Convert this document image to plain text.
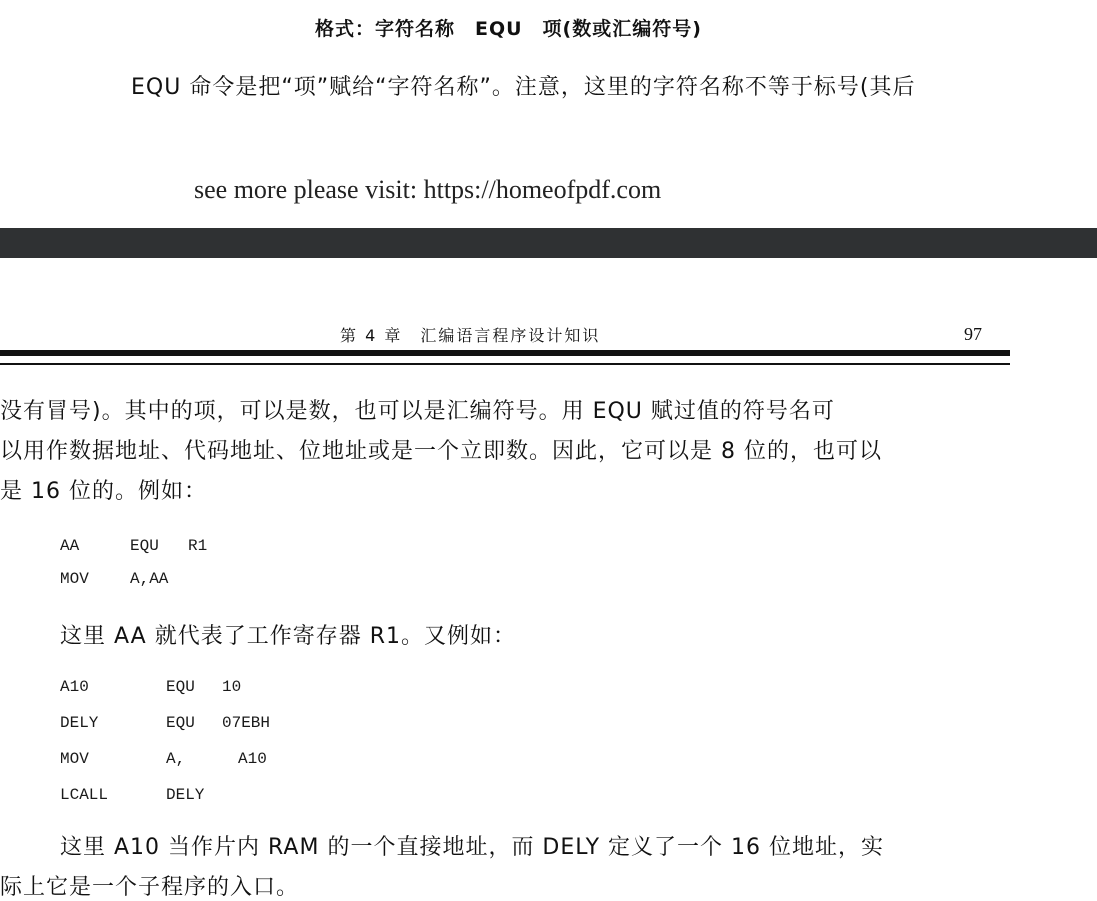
格式：字符名称　EQU　项(数或汇编符号)
EQU 命令是把“项”赋给“字符名称”。注意，这里的字符名称不等于标号(其后
see more please visit: https://homeofpdf.com
第 4 章　汇编语言程序设计知识	97
没有冒号)。其中的项，可以是数，也可以是汇编符号。用 EQU 赋过值的符号名可
以用作数据地址、代码地址、位地址或是一个立即数。因此，它可以是 8 位的，也可以
是 16 位的。例如：
AA	EQU R1
MOV	A,AA
这里 AA 就代表了工作寄存器 R1。又例如：
A10	EQU 10
DELY	EQU 07EBH
MOV	A,	A10
LCALL	DELY
这里 A10 当作片内 RAM 的一个直接地址，而 DELY 定义了一个 16 位地址，实
际上它是一个子程序的入口。
